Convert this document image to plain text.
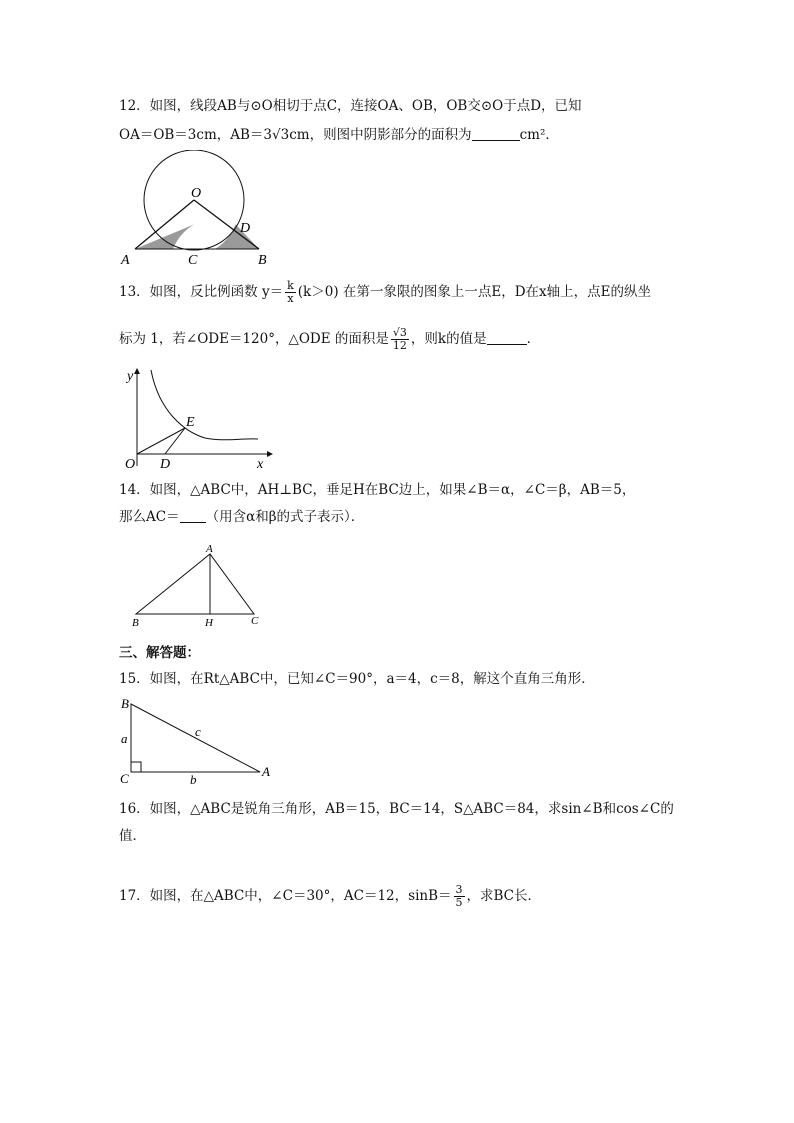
12．如图，线段AB与⊙O相切于点C，连接OA、OB，OB交⊙O于点D，已知
OA＝OB＝3cm，AB＝3√3cm，则图中阴影部分的面积为	cm²．
O
D
A	C	B
13．如图，反比例函数 $y= \frac{k}{x} (k>0)$ 在第一象限的图象上一点E，D在x轴上，点E的纵坐
标为 1，若∠ODE＝120°，△ODE 的面积是 $\frac{√3}{12}$ ，则k的值是	．
y
x
O D
E
14．如图，△ABC中，AH⊥BC，垂足H在BC边上，如果∠B＝α，∠C＝β，AB＝5，
那么AC＝ （用含α和β的式子表示）．
A
B	H	C
三、解答题：
15．如图，在Rt△ABC中，已知∠C＝90°，a＝4，c＝8，解这个直角三角形．
B
C	A
a
b
c
16．如图，△ABC是锐角三角形，AB＝15，BC＝14，S△ABC＝84，求sin∠B和cos∠C的
值．
17．如图，在△ABC中，∠C＝30°，AC＝12，$\sin B= \frac{3}{5}$ ，求BC长．
